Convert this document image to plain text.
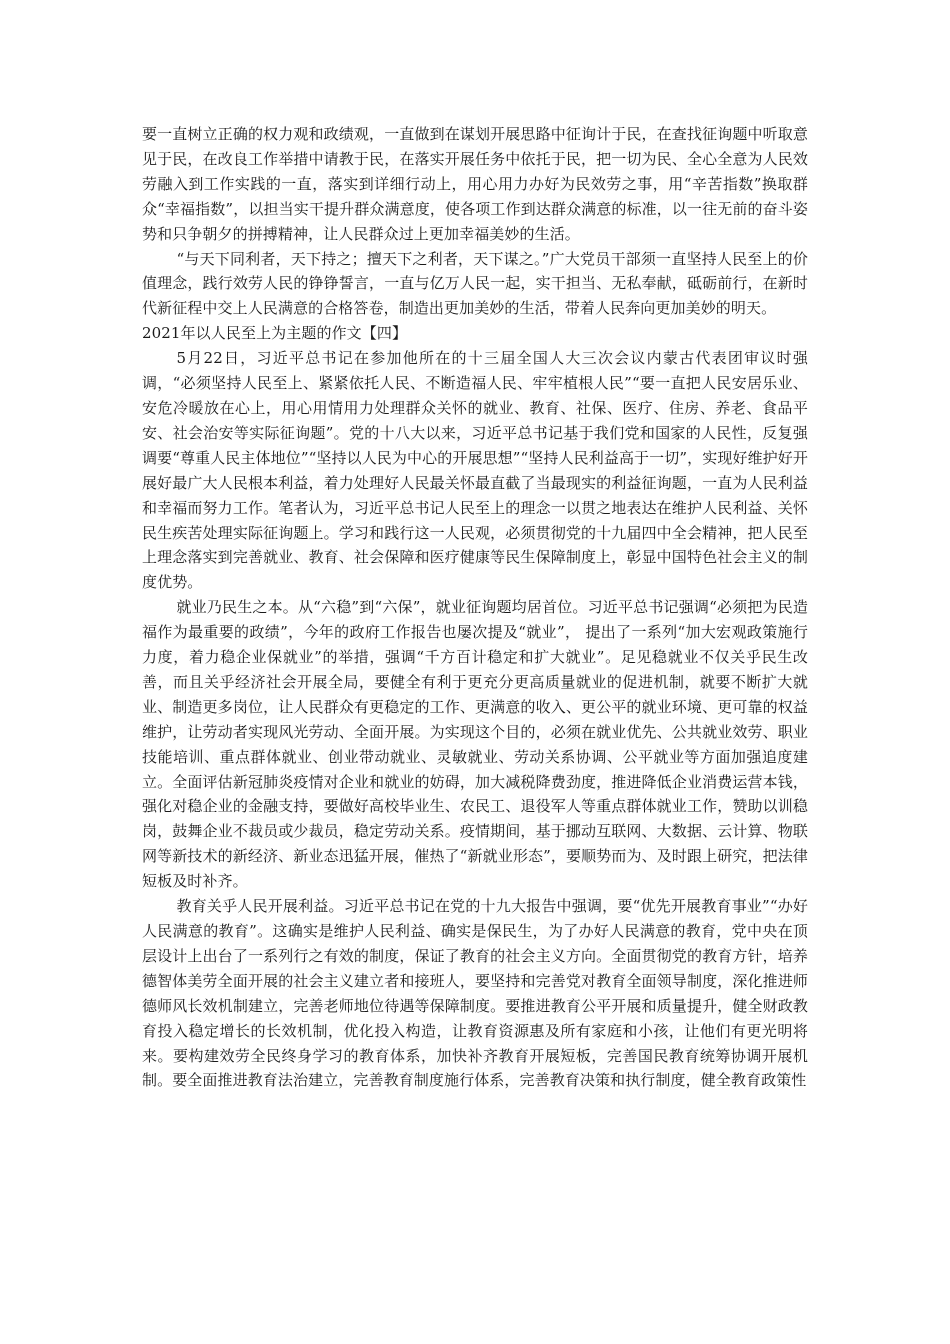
要一直树立正确的权力观和政绩观，一直做到在谋划开展思路中征询计于民，在查找征询题中听取意见于民，在改良工作举措中请教于民，在落实开展任务中依托于民，把一切为民、全心全意为人民效劳融入到工作实践的一直，落实到详细行动上，用心用力办好为民效劳之事，用“辛苦指数”换取群众“幸福指数”，以担当实干提升群众满意度，使各项工作到达群众满意的标准，以一往无前的奋斗姿势和只争朝夕的拼搏精神，让人民群众过上更加幸福美妙的生活。

“与天下同利者，天下持之；擅天下之利者，天下谋之。”广大党员干部须一直坚持人民至上的价值理念，践行效劳人民的铮铮誓言，一直与亿万人民一起，实干担当、无私奉献，砥砺前行，在新时代新征程中交上人民满意的合格答卷，制造出更加美妙的生活，带着人民奔向更加美妙的明天。

2021年以人民至上为主题的作文【四】

5月22日，习近平总书记在参加他所在的十三届全国人大三次会议内蒙古代表团审议时强调，“必须坚持人民至上、紧紧依托人民、不断造福人民、牢牢植根人民”“要一直把人民安居乐业、安危冷暖放在心上，用心用情用力处理群众关怀的就业、教育、社保、医疗、住房、养老、食品平安、社会治安等实际征询题”。党的十八大以来，习近平总书记基于我们党和国家的人民性，反复强调要“尊重人民主体地位”“坚持以人民为中心的开展思想”“坚持人民利益高于一切”，实现好维护好开展好最广大人民根本利益，着力处理好人民最关怀最直截了当最现实的利益征询题，一直为人民利益和幸福而努力工作。笔者认为，习近平总书记人民至上的理念一以贯之地表达在维护人民利益、关怀民生疾苦处理实际征询题上。学习和践行这一人民观，必须贯彻党的十九届四中全会精神，把人民至上理念落实到完善就业、教育、社会保障和医疗健康等民生保障制度上，彰显中国特色社会主义的制度优势。

就业乃民生之本。从“六稳”到“六保”，就业征询题均居首位。习近平总书记强调“必须把为民造福作为最重要的政绩”，今年的政府工作报告也屡次提及“就业”， 提出了一系列“加大宏观政策施行力度，着力稳企业保就业”的举措，强调“千方百计稳定和扩大就业”。足见稳就业不仅关乎民生改善，而且关乎经济社会开展全局，要健全有利于更充分更高质量就业的促进机制，就要不断扩大就业、制造更多岗位，让人民群众有更稳定的工作、更满意的收入、更公平的就业环境、更可靠的权益维护，让劳动者实现风光劳动、全面开展。为实现这个目的，必须在就业优先、公共就业效劳、职业技能培训、重点群体就业、创业带动就业、灵敏就业、劳动关系协调、公平就业等方面加强追度建立。全面评估新冠肺炎疫情对企业和就业的妨碍，加大减税降费劲度，推进降低企业消费运营本钱，强化对稳企业的金融支持，要做好高校毕业生、农民工、退役军人等重点群体就业工作，赞助以训稳岗，鼓舞企业不裁员或少裁员，稳定劳动关系。疫情期间，基于挪动互联网、大数据、云计算、物联网等新技术的新经济、新业态迅猛开展，催热了“新就业形态”，要顺势而为、及时跟上研究，把法律短板及时补齐。

教育关乎人民开展利益。习近平总书记在党的十九大报告中强调，要“优先开展教育事业”“办好人民满意的教育”。这确实是维护人民利益、确实是保民生，为了办好人民满意的教育，党中央在顶层设计上出台了一系列行之有效的制度，保证了教育的社会主义方向。全面贯彻党的教育方针，培养德智体美劳全面开展的社会主义建立者和接班人，要坚持和完善党对教育全面领导制度，深化推进师德师风长效机制建立，完善老师地位待遇等保障制度。要推进教育公平开展和质量提升，健全财政教育投入稳定增长的长效机制，优化投入构造，让教育资源惠及所有家庭和小孩，让他们有更光明将来。要构建效劳全民终身学习的教育体系，加快补齐教育开展短板，完善国民教育统筹协调开展机制。要全面推进教育法治建立，完善教育制度施行体系，完善教育决策和执行制度，健全教育政策性
